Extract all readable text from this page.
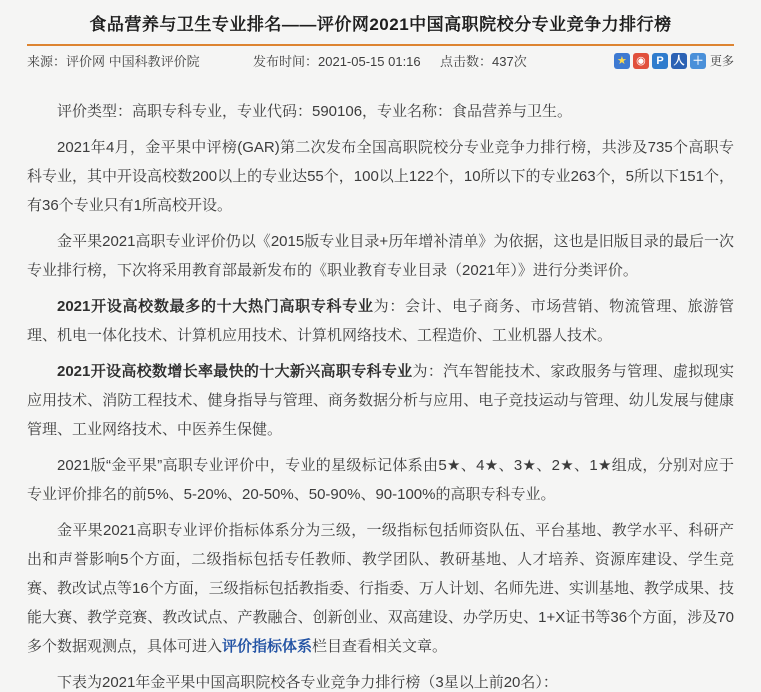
食品营养与卫生专业排名——评价网2021中国高职院校分专业竞争力排行榜
来源：评价网 中国科教评价院	发布时间：2021-05-15 01:16	点击数：437次	★ ◉ P 人 ＋ 更多

评价类型：高职专科专业，专业代码：590106，专业名称：食品营养与卫生。

2021年4月，金平果中评榜(GAR)第二次发布全国高职院校分专业竞争力排行榜，共涉及735个高职专科专业，其中开设高校数200以上的专业达55个，100以上122个，10所以下的专业263个，5所以下151个，有36个专业只有1所高校开设。

金平果2021高职专业评价仍以《2015版专业目录+历年增补清单》为依据，这也是旧版目录的最后一次专业排行榜，下次将采用教育部最新发布的《职业教育专业目录（2021年）》进行分类评价。

2021开设高校数最多的十大热门高职专科专业为：会计、电子商务、市场营销、物流管理、旅游管理、机电一体化技术、计算机应用技术、计算机网络技术、工程造价、工业机器人技术。

2021开设高校数增长率最快的十大新兴高职专科专业为：汽车智能技术、家政服务与管理、虚拟现实应用技术、消防工程技术、健身指导与管理、商务数据分析与应用、电子竞技运动与管理、幼儿发展与健康管理、工业网络技术、中医养生保健。

2021版“金平果”高职专业评价中，专业的星级标记体系由5★、4★、3★、2★、1★组成，分别对应于专业评价排名的前5%、5-20%、20-50%、50-90%、90-100%的高职专科专业。

金平果2021高职专业评价指标体系分为三级，一级指标包括师资队伍、平台基地、教学水平、科研产出和声誉影响5个方面，二级指标包括专任教师、教学团队、教研基地、人才培养、资源库建设、学生竞赛、教改试点等16个方面，三级指标包括教指委、行指委、万人计划、名师先进、实训基地、教学成果、技能大赛、教学竞赛、教改试点、产教融合、创新创业、双高建设、办学历史、1+X证书等36个方面，涉及70多个数据观测点，具体可进入评价指标体系栏目查看相关文章。

下表为2021年金平果中国高职院校各专业竞争力排行榜（3星以上前20名）：
